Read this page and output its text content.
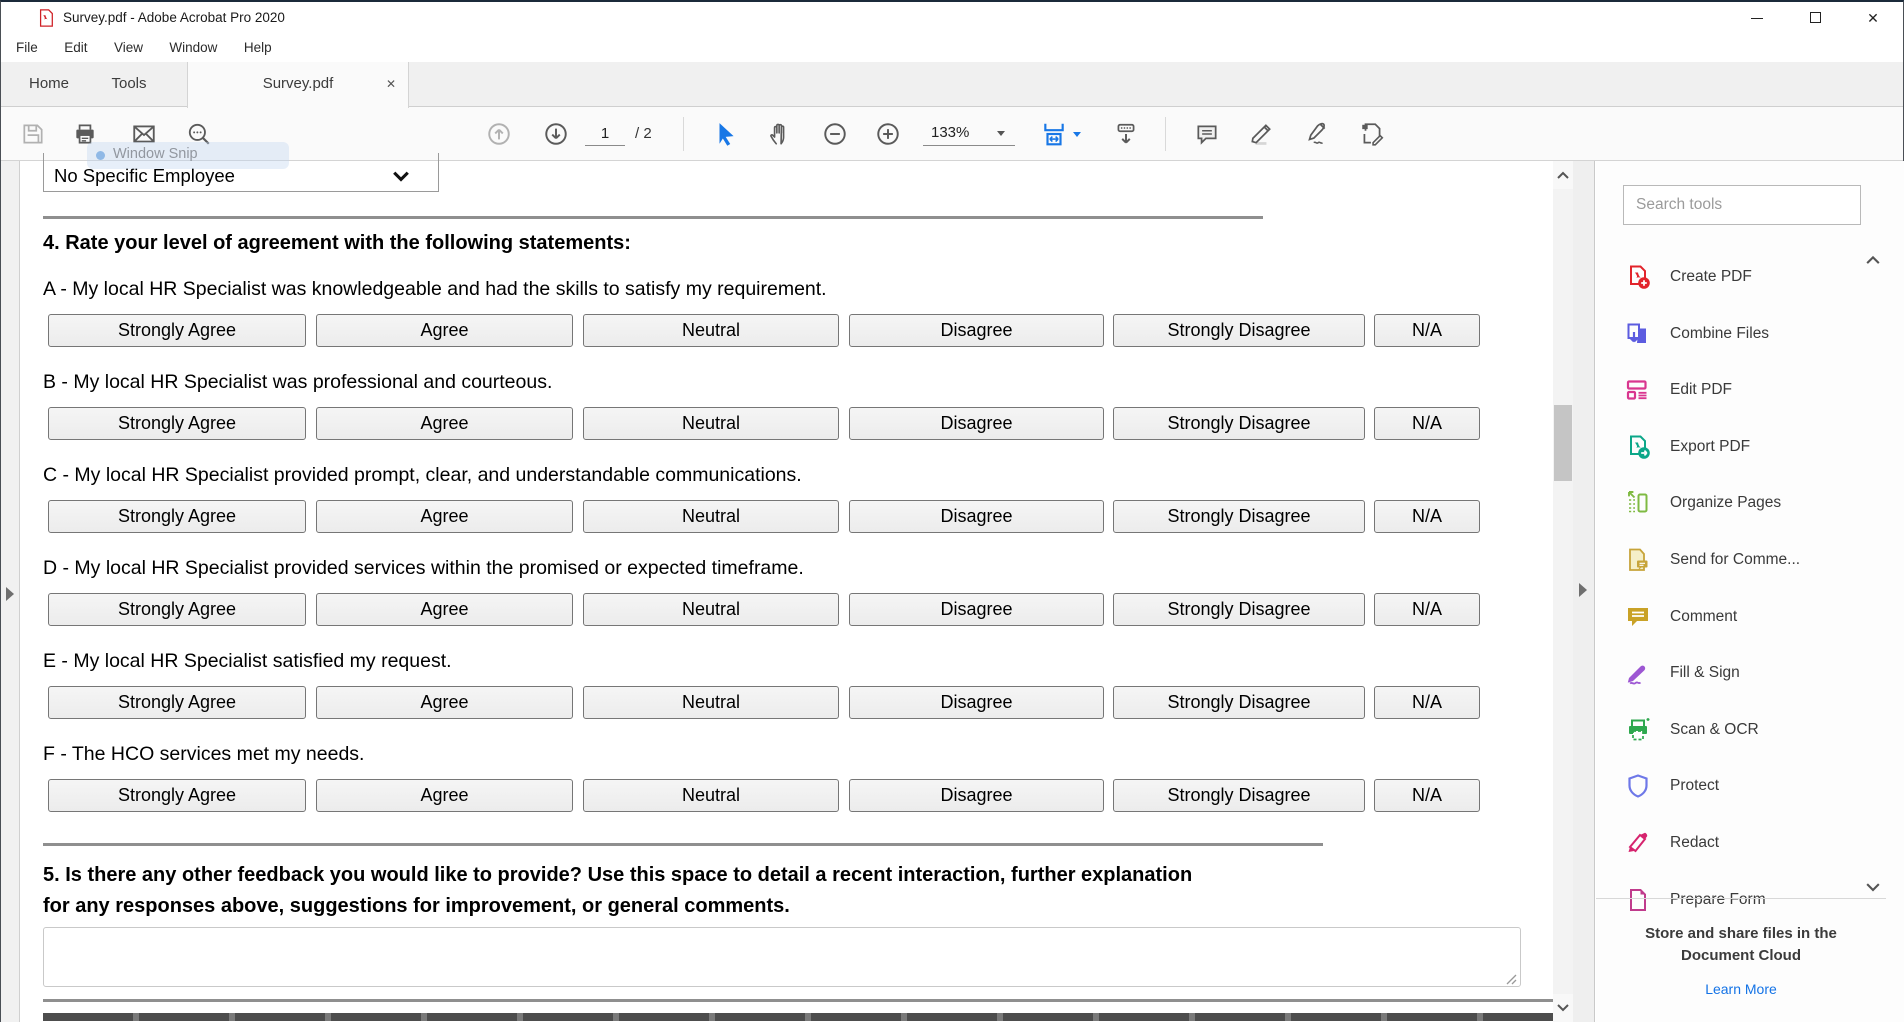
Survey.pdf - Adobe Acrobat Pro 2020	✕
File Edit View Window Help
Home	Tools	Survey.pdf	✕
1
/ 2	133%
No Specific Employee
4. Rate your level of agreement with the following statements:
5. Is there any other feedback you would like to provide? Use this space to detail a recent interaction, further explanation
for any responses above, suggestions for improvement, or general comments.
A - My local HR Specialist was knowledgeable and had the skills to satisfy my requirement.
Strongly Agree	Agree	Neutral	Disagree	Strongly Disagree	N/A
B - My local HR Specialist was professional and courteous.
Strongly Agree	Agree	Neutral	Disagree	Strongly Disagree	N/A
C - My local HR Specialist provided prompt, clear, and understandable communications.
Strongly Agree	Agree	Neutral	Disagree	Strongly Disagree	N/A
D - My local HR Specialist provided services within the promised or expected timeframe.
Strongly Agree	Agree	Neutral	Disagree	Strongly Disagree	N/A
E - My local HR Specialist satisfied my request.
Strongly Agree	Agree	Neutral	Disagree	Strongly Disagree	N/A
F - The HCO services met my needs.
Strongly Agree	Agree	Neutral	Disagree	Strongly Disagree	N/A
Search tools
Create PDF
Combine Files
Edit PDF
Export PDF
Organize Pages
Send for Comme...
Comment
Fill & Sign
Scan & OCR
Protect
Redact
Prepare Form
Store and share files in the
Document Cloud
Learn More
Window Snip
